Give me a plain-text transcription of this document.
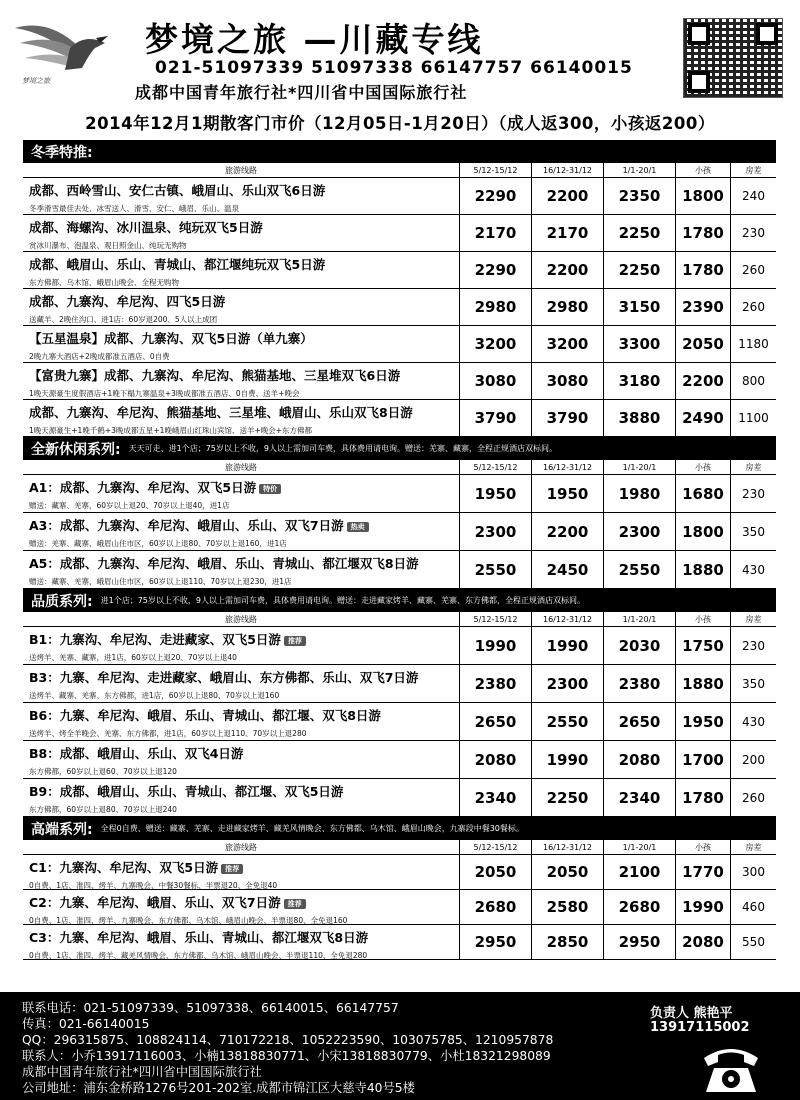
梦境之旅
梦境之旅 —川藏专线
021-51097339 51097338 66147757 66140015
成都中国青年旅行社*四川省中国国际旅行社
2014年12月1期散客门市价（12月05日-1月20日）（成人返300，小孩返200）
冬季特推:
旅游线路	5/12-15/12	16/12-31/12	1/1-20/1	小孩	房差
成都、西岭雪山、安仁古镇、峨眉山、乐山双飞6日游
冬季滑雪最佳去处、冰雪送人、滑雪、安仁、峨眉、乐山、温泉
2290	2200	2350	1800	240
成都、海螺沟、冰川温泉、纯玩双飞5日游
赏冰川瀑布、泡温泉、观日照金山、纯玩无购物
2170	2170	2250	1780	230
成都、峨眉山、乐山、青城山、都江堰纯玩双飞5日游
东方佛都、乌木馆、峨眉山晚会、全程无购物
2290	2200	2250	1780	260
成都、九寨沟、牟尼沟、四飞5日游
送藏羊、2晚住沟口、进1店：60岁退200、5人以上成团
2980	2980	3150	2390	260
【五星温泉】成都、九寨沟、双飞5日游（单九寨）
2晚九寨大酒店+2晚成都准五酒店、0自费
3200	3200	3300	2050	1180
【富贵九寨】成都、九寨沟、牟尼沟、熊猫基地、三星堆双飞6日游
1晚天源豪生度假酒店+1晚下榻九寨温泉+3晚成都准五酒店、0自费、送羊+晚会
3080	3080	3180	2200	800
成都、九寨沟、牟尼沟、熊猫基地、三星堆、峨眉山、乐山双飞8日游
1晚天源豪生+1晚千鹤+3晚成都五星+1晚峨眉山红珠山宾馆、送羊+晚会+东方佛都
3790	3790	3880	2490	1100
全新休闲系列: 天天可走、进1个店；75岁以上不收，9人以上需加司车费，具体费用请电询。赠送：羌寨、藏寨，全程正规酒店双标间。
旅游线路	5/12-15/12	16/12-31/12	1/1-20/1	小孩	房差
A1：成都、九寨沟、牟尼沟、双飞5日游 特价
赠送：藏寨、羌寨，60岁以上退20、70岁以上退40，进1店
1950	1950	1980	1680	230
A3：成都、九寨沟、牟尼沟、峨眉山、乐山、双飞7日游 热卖
赠送：羌寨、藏寨、峨眉山住市区，60岁以上退80、70岁以上退160，进1店
2300	2200	2300	1800	350
A5：成都、九寨沟、牟尼沟、峨眉、乐山、青城山、都江堰双飞8日游
赠送：藏寨、羌寨，峨眉山住市区，60岁以上退110、70岁以上退230，进1店
2550	2450	2550	1880	430
品质系列: 进1个店；75岁以上不收，9人以上需加司车费，具体费用请电询。赠送：走进藏家烤羊、藏寨、羌寨、东方佛都，全程正规酒店双标间。
旅游线路	5/12-15/12	16/12-31/12	1/1-20/1	小孩	房差
B1：九寨沟、牟尼沟、走进藏家、双飞5日游 推荐
送烤羊、羌寨、藏寨，进1店，60岁以上退20、70岁以上退40
1990	1990	2030	1750	230
B3：九寨、牟尼沟、走进藏家、峨眉山、东方佛都、乐山、双飞7日游
送烤羊、藏寨、羌寨、东方佛都，进1店，60岁以上退80、70岁以上退160
2380	2300	2380	1880	350
B6：九寨、牟尼沟、峨眉、乐山、青城山、都江堰、双飞8日游
送烤羊、烤全羊晚会、羌寨、东方佛都，进1店，60岁以上退110、70岁以上退280
2650	2550	2650	1950	430
B8：成都、峨眉山、乐山、双飞4日游
东方佛都，60岁以上退60、70岁以上退120
2080	1990	2080	1700	200
B9：成都、峨眉山、乐山、青城山、都江堰、双飞5日游
东方佛都，60岁以上退80、70岁以上退240
2340	2250	2340	1780	260
高端系列: 全程0自费、赠送：藏寨、羌寨、走进藏家烤羊、藏羌风情晚会、东方佛都、乌木馆、峨眉山晚会，九寨段中餐30餐标。
旅游线路	5/12-15/12	16/12-31/12	1/1-20/1	小孩	房差
C1：九寨沟、牟尼沟、双飞5日游 推荐
0自费、1店、准四、烤羊、九寨晚会、中餐30餐标、半票退20、全免退40
2050	2050	2100	1770	300
C2：九寨、牟尼沟、峨眉、乐山、双飞7日游 推荐
0自费、1店、准四、烤羊、九寨晚会、东方佛都、乌木馆、峨眉山晚会、半票退80、全免退160
2680	2580	2680	1990	460
C3：九寨、牟尼沟、峨眉、乐山、青城山、都江堰双飞8日游
0自费、1店、准四、烤羊、藏羌风情晚会、东方佛都、乌木馆、峨眉山晚会、半票退110、全免退280
2950	2850	2950	2080	550
联系电话：021-51097339、51097338、66140015、66147757
传真：021-66140015
QQ：296315875、108824114、710172218、1052223590、103075785、1210957878
联系人：小乔13917116003、小楠13818830771、小宋13818830779、小杜18321298089
成都中国青年旅行社*四川省中国国际旅行社
公司地址：浦东金桥路1276号201-202室.成都市锦江区大慈寺40号5楼
负责人 熊艳平
13917115002
